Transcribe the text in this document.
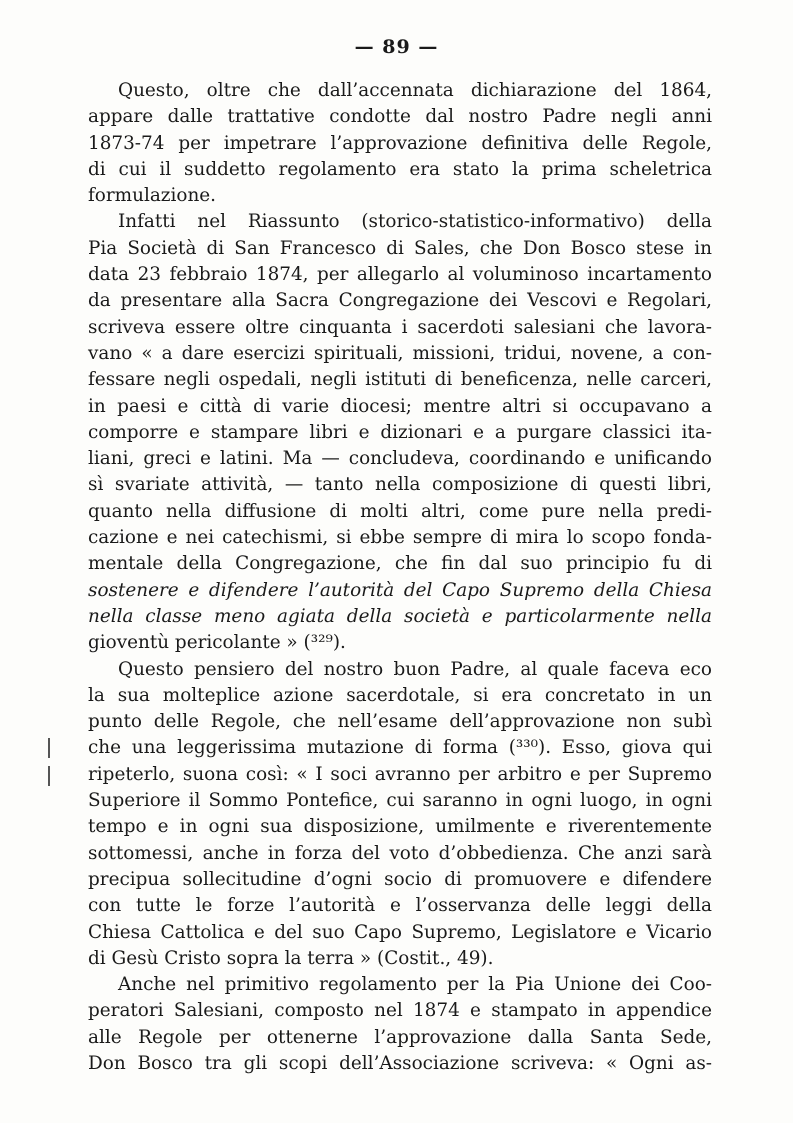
— 89 —
Questo, oltre che dall’accennata dichiarazione del 1864,
appare dalle trattative condotte dal nostro Padre negli anni
1873-74 per impetrare l’approvazione definitiva delle Regole,
di cui il suddetto regolamento era stato la prima scheletrica
formulazione.
Infatti nel Riassunto (storico-statistico-informativo) della
Pia Società di San Francesco di Sales, che Don Bosco stese in
data 23 febbraio 1874, per allegarlo al voluminoso incartamento
da presentare alla Sacra Congregazione dei Vescovi e Regolari,
scriveva essere oltre cinquanta i sacerdoti salesiani che lavora-
vano « a dare esercizi spirituali, missioni, tridui, novene, a con-
fessare negli ospedali, negli istituti di beneficenza, nelle carceri,
in paesi e città di varie diocesi; mentre altri si occupavano a
comporre e stampare libri e dizionari e a purgare classici ita-
liani, greci e latini. Ma — concludeva, coordinando e unificando
sì svariate attività, — tanto nella composizione di questi libri,
quanto nella diffusione di molti altri, come pure nella predi-
cazione e nei catechismi, si ebbe sempre di mira lo scopo fonda-
mentale della Congregazione, che fin dal suo principio fu di
sostenere e difendere l’autorità del Capo Supremo della Chiesa
nella classe meno agiata della società e particolarmente nella
gioventù pericolante » (³²⁹).
Questo pensiero del nostro buon Padre, al quale faceva eco
la sua molteplice azione sacerdotale, si era concretato in un
punto delle Regole, che nell’esame dell’approvazione non subì
che una leggerissima mutazione di forma (³³⁰). Esso, giova qui
ripeterlo, suona così: « I soci avranno per arbitro e per Supremo
Superiore il Sommo Pontefice, cui saranno in ogni luogo, in ogni
tempo e in ogni sua disposizione, umilmente e riverentemente
sottomessi, anche in forza del voto d’obbedienza. Che anzi sarà
precipua sollecitudine d’ogni socio di promuovere e difendere
con tutte le forze l’autorità e l’osservanza delle leggi della
Chiesa Cattolica e del suo Capo Supremo, Legislatore e Vicario
di Gesù Cristo sopra la terra » (Costit., 49).
Anche nel primitivo regolamento per la Pia Unione dei Coo-
peratori Salesiani, composto nel 1874 e stampato in appendice
alle Regole per ottenerne l’approvazione dalla Santa Sede,
Don Bosco tra gli scopi dell’Associazione scriveva: « Ogni as-
